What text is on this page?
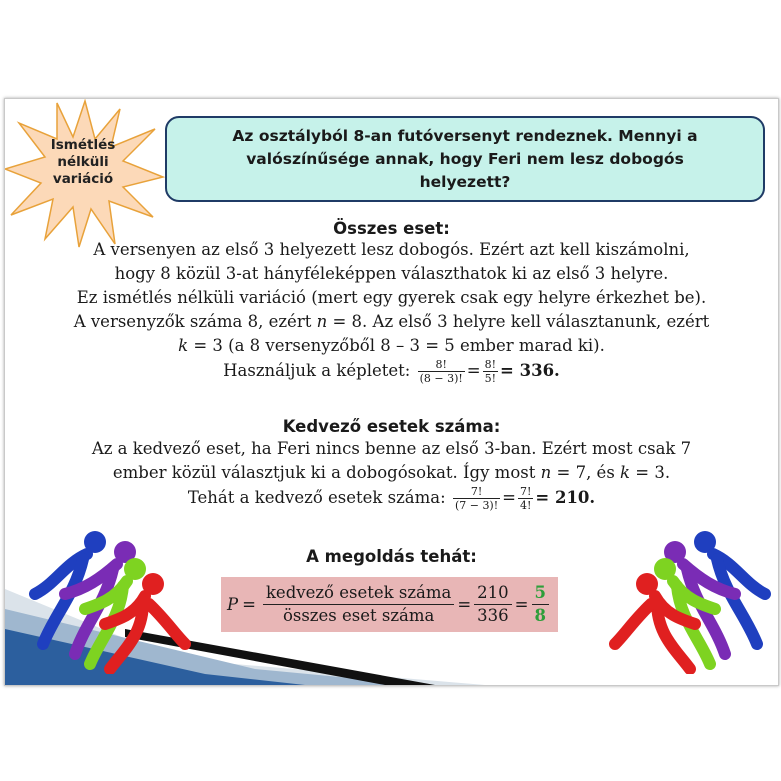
Ismétlés
nélküli
variáció
Az osztályból 8-an futóversenyt rendeznek. Mennyi a valószínűsége annak, hogy Feri nem lesz dobogós helyezett?
Összes eset:
A versenyen az első 3 helyezett lesz dobogós. Ezért azt kell kiszámolni,
hogy 8 közül 3-at hányféleképpen választhatok ki az első 3 helyre.
Ez ismétlés nélküli variáció (mert egy gyerek csak egy helyre érkezhet be).
A versenyzők száma 8, ezért n = 8. Az első 3 helyre kell választanunk, ezért
k = 3 (a 8 versenyzőből 8 – 3 = 5 ember marad ki).
Használjuk a képletet: $\frac{8!}{(8 - 3)!} = \frac{8!}{5!} = 336$.
Kedvező esetek száma:
Az a kedvező eset, ha Feri nincs benne az első 3-ban. Ezért most csak 7
ember közül választjuk ki a dobogósokat. Így most n = 7, és k = 3.
Tehát a kedvező esetek száma: $\frac{7!}{(7 - 3)!} = \frac{7!}{4!} = 210$.
A megoldás tehát:
$P = \frac{\text{kedvező esetek száma}}{\text{összes eset száma}} = \frac{210}{336} = \frac{5}{8}$
